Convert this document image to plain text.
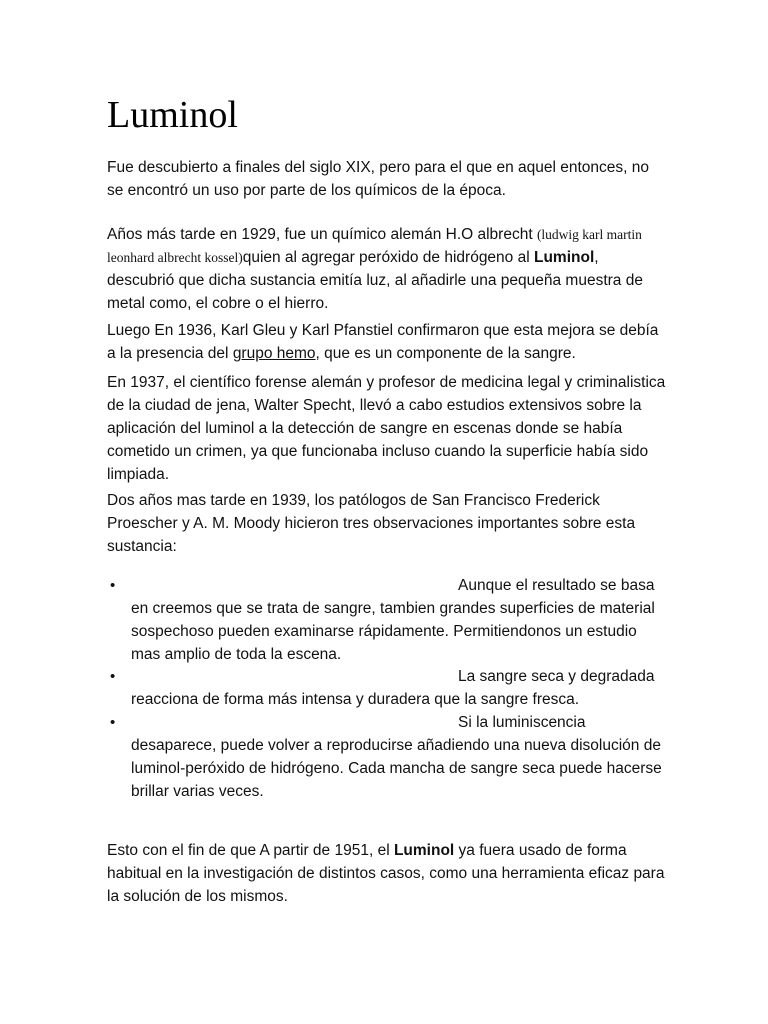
Luminol

Fue descubierto a finales del siglo XIX, pero para el que en aquel entonces, no se encontró un uso por parte de los químicos de la época.

Años más tarde en 1929, fue un químico alemán H.O albrecht (ludwig karl martin leonhard albrecht kossel)quien al agregar peróxido de hidrógeno al Luminol, descubrió que dicha sustancia emitía luz, al añadirle una pequeña muestra de metal como, el cobre o el hierro.

Luego En 1936, Karl Gleu y Karl Pfanstiel confirmaron que esta mejora se debía a la presencia del grupo hemo, que es un componente de la sangre.

En 1937, el científico forense alemán y profesor de medicina legal y criminalistica de la ciudad de jena, Walter Specht, llevó a cabo estudios extensivos sobre la aplicación del luminol a la detección de sangre en escenas donde se había cometido un crimen, ya que funcionaba incluso cuando la superficie había sido limpiada.

Dos años mas tarde en 1939, los patólogos de San Francisco Frederick Proescher y A. M. Moody hicieron tres observaciones importantes sobre esta sustancia:

•	Aunque el resultado se basa
en creemos que se trata de sangre, tambien grandes superficies de material sospechoso pueden examinarse rápidamente. Permitiendonos un estudio mas amplio de toda la escena.

•	La sangre seca y degradada
reacciona de forma más intensa y duradera que la sangre fresca.

•	Si la luminiscencia
desaparece, puede volver a reproducirse añadiendo una nueva disolución de luminol-peróxido de hidrógeno. Cada mancha de sangre seca puede hacerse brillar varias veces.

Esto con el fin de que A partir de 1951, el Luminol ya fuera usado de forma habitual en la investigación de distintos casos, como una herramienta eficaz para la solución de los mismos.
